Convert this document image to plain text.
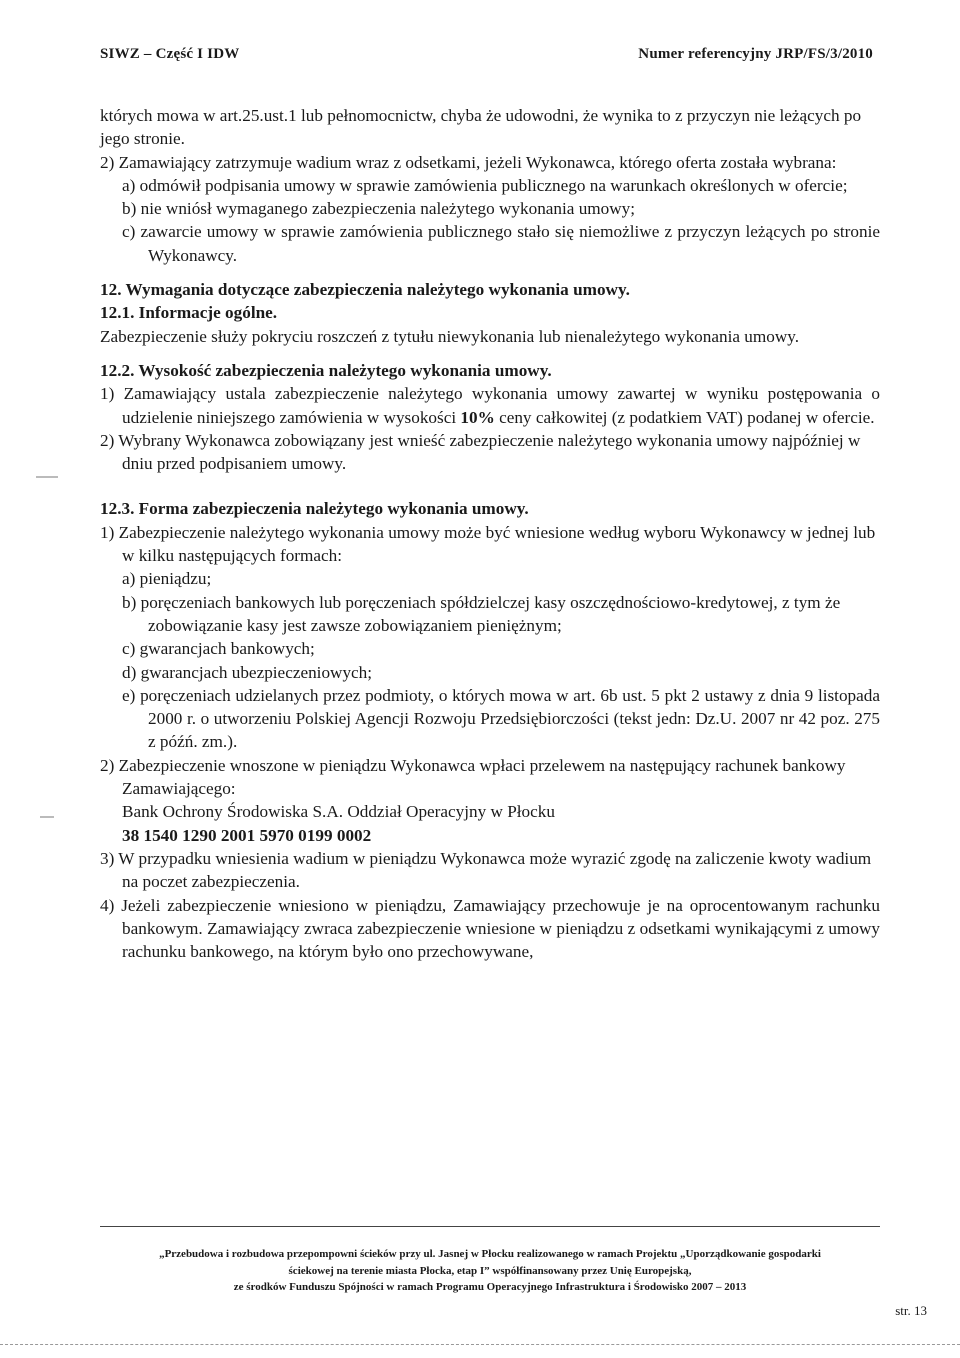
SIWZ – Część I IDW	Numer referencyjny JRP/FS/3/2010

których mowa w art.25.ust.1 lub pełnomocnictw, chyba że udowodni, że wynika to z przyczyn nie leżących po jego stronie.

2) Zamawiający zatrzymuje wadium wraz z odsetkami, jeżeli Wykonawca, którego oferta została wybrana:

a) odmówił podpisania umowy w sprawie zamówienia publicznego na warunkach określonych w ofercie;

b) nie wniósł wymaganego zabezpieczenia należytego wykonania umowy;

c) zawarcie umowy w sprawie zamówienia publicznego stało się niemożliwe z przyczyn leżących po stronie Wykonawcy.

12. Wymagania dotyczące zabezpieczenia należytego wykonania umowy.

12.1. Informacje ogólne.

Zabezpieczenie służy pokryciu roszczeń z tytułu niewykonania lub nienależytego wykonania umowy.

12.2. Wysokość zabezpieczenia należytego wykonania umowy.

1) Zamawiający ustala zabezpieczenie należytego wykonania umowy zawartej w wyniku postępowania o udzielenie niniejszego zamówienia w wysokości 10% ceny całkowitej (z podatkiem VAT) podanej w ofercie.

2) Wybrany Wykonawca zobowiązany jest wnieść zabezpieczenie należytego wykonania umowy najpóźniej w dniu przed podpisaniem umowy.

12.3. Forma zabezpieczenia należytego wykonania umowy.

1) Zabezpieczenie należytego wykonania umowy może być wniesione według wyboru Wykonawcy w jednej lub w kilku następujących formach:

a) pieniądzu;

b) poręczeniach bankowych lub poręczeniach spółdzielczej kasy oszczędnościowo-kredytowej, z tym że zobowiązanie kasy jest zawsze zobowiązaniem pieniężnym;

c) gwarancjach bankowych;

d) gwarancjach ubezpieczeniowych;

e) poręczeniach udzielanych przez podmioty, o których mowa w art. 6b ust. 5 pkt 2 ustawy z dnia 9 listopada 2000 r. o utworzeniu Polskiej Agencji Rozwoju Przedsiębiorczości (tekst jedn: Dz.U. 2007 nr 42 poz. 275 z późń. zm.).

2) Zabezpieczenie wnoszone w pieniądzu Wykonawca wpłaci przelewem na następujący rachunek bankowy Zamawiającego:

Bank Ochrony Środowiska S.A. Oddział Operacyjny w Płocku

38 1540 1290 2001 5970 0199 0002

3) W przypadku wniesienia wadium w pieniądzu Wykonawca może wyrazić zgodę na zaliczenie kwoty wadium na poczet zabezpieczenia.

4) Jeżeli zabezpieczenie wniesiono w pieniądzu, Zamawiający przechowuje je na oprocentowanym rachunku bankowym. Zamawiający zwraca zabezpieczenie wniesione w pieniądzu z odsetkami wynikającymi z umowy rachunku bankowego, na którym było ono przechowywane,

„Przebudowa i rozbudowa przepompowni ścieków przy ul. Jasnej w Płocku realizowanego w ramach Projektu „Uporządkowanie gospodarki
ściekowej na terenie miasta Płocka, etap I” współfinansowany przez Unię Europejską,
ze środków Funduszu Spójności w ramach Programu Operacyjnego Infrastruktura i Środowisko 2007 – 2013
str. 13
